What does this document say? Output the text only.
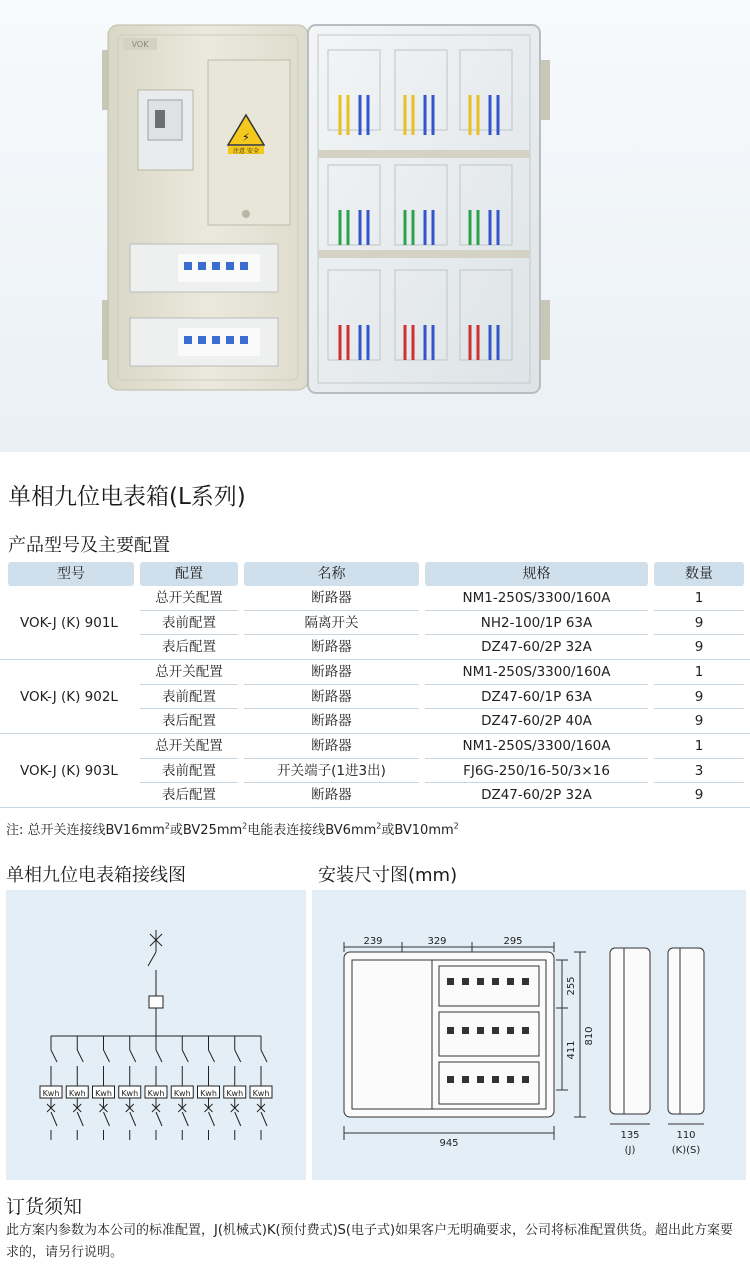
VOK
⚡
注意 安全
单相九位电表箱(L系列)
产品型号及主要配置
型号	配置	名称	规格	数量
VOK-J (K) 901L
总开关配置	断路器	NM1-250S/3300/160A	1
表前配置	隔离开关	NH2-100/1P 63A	9
表后配置	断路器	DZ47-60/2P 32A	9
VOK-J (K) 902L
总开关配置	断路器	NM1-250S/3300/160A	1
表前配置	断路器	DZ47-60/1P 63A	9
表后配置	断路器	DZ47-60/2P 40A	9
VOK-J (K) 903L
总开关配置	断路器	NM1-250S/3300/160A	1
表前配置	开关端子(1进3出)	FJ6G-250/16-50/3×16	3
表后配置	断路器	DZ47-60/2P 32A	9
注: 总开关连接线$BV16mm^2$或$BV25mm^2$电能表连接线$BV6mm^2$或$BV10mm^2$
单相九位电表箱接线图	安装尺寸图(mm)
Kwh Kwh Kwh Kwh Kwh Kwh Kwh Kwh Kwh
239	329	295
945
255
411
810
135
(J)
110
(K)(S)
订货须知
此方案内参数为本公司的标准配置，J(机械式)K(预付费式)S(电子式)如果客户无明确要求，公司将标准配置供货。超出此方案要求的，请另行说明。
